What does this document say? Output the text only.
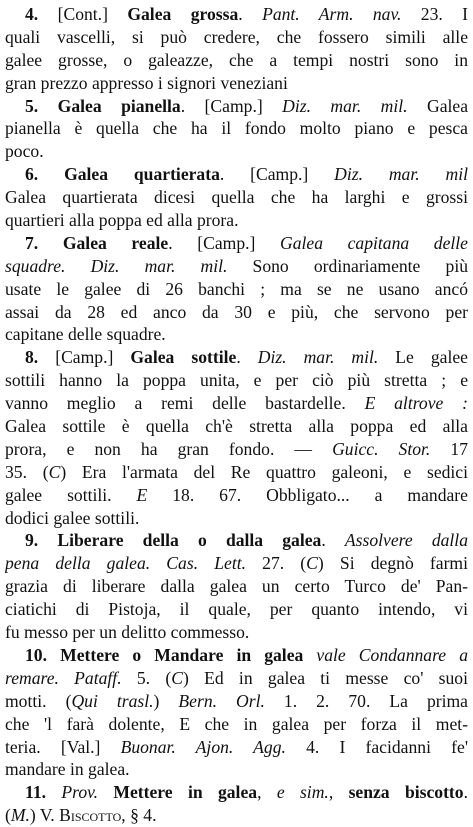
4. [Cont.] Galea grossa. Pant. Arm. nav. 23. I
quali vascelli, si può credere, che fossero simili alle
galee grosse, o galeazze, che a tempi nostri sono in
gran prezzo appresso i signori veneziani
5. Galea pianella. [Camp.] Diz. mar. mil. Galea
pianella è quella che ha il fondo molto piano e pesca
poco.
6. Galea quartierata. [Camp.] Diz. mar. mil
Galea quartierata dicesi quella che ha larghi e grossi
quartieri alla poppa ed alla prora.
7. Galea reale. [Camp.] Galea capitana delle
squadre. Diz. mar. mil. Sono ordinariamente più
usate le galee di 26 banchi ; ma se ne usano ancó
assai da 28 ed anco da 30 e più, che servono per
capitane delle squadre.
8. [Camp.] Galea sottile. Diz. mar. mil. Le galee
sottili hanno la poppa unita, e per ciò più stretta ; e
vanno meglio a remi delle bastardelle. E altrove :
Galea sottile è quella ch'è stretta alla poppa ed alla
prora, e non ha gran fondo. — Guicc. Stor. 17
35. (C) Era l'armata del Re quattro galeoni, e sedici
galee sottili. E 18. 67. Obbligato... a mandare
dodici galee sottili.
9. Liberare della o dalla galea. Assolvere dalla
pena della galea. Cas. Lett. 27. (C) Si degnò farmi
grazia di liberare dalla galea un certo Turco de' Pan-
ciatichi di Pistoja, il quale, per quanto intendo, vi
fu messo per un delitto commesso.
10. Mettere o Mandare in galea vale Condannare a
remare. Pataff. 5. (C) Ed in galea ti messe co' suoi
motti. (Qui trasl.) Bern. Orl. 1. 2. 70. La prima
che 'l farà dolente, E che in galea per forza il met-
teria. [Val.] Buonar. Ajon. Agg. 4. I facidanni fe'
mandare in galea.
11. Prov. Mettere in galea, e sim., senza biscotto.
(M.) V. Biscotto, § 4.
